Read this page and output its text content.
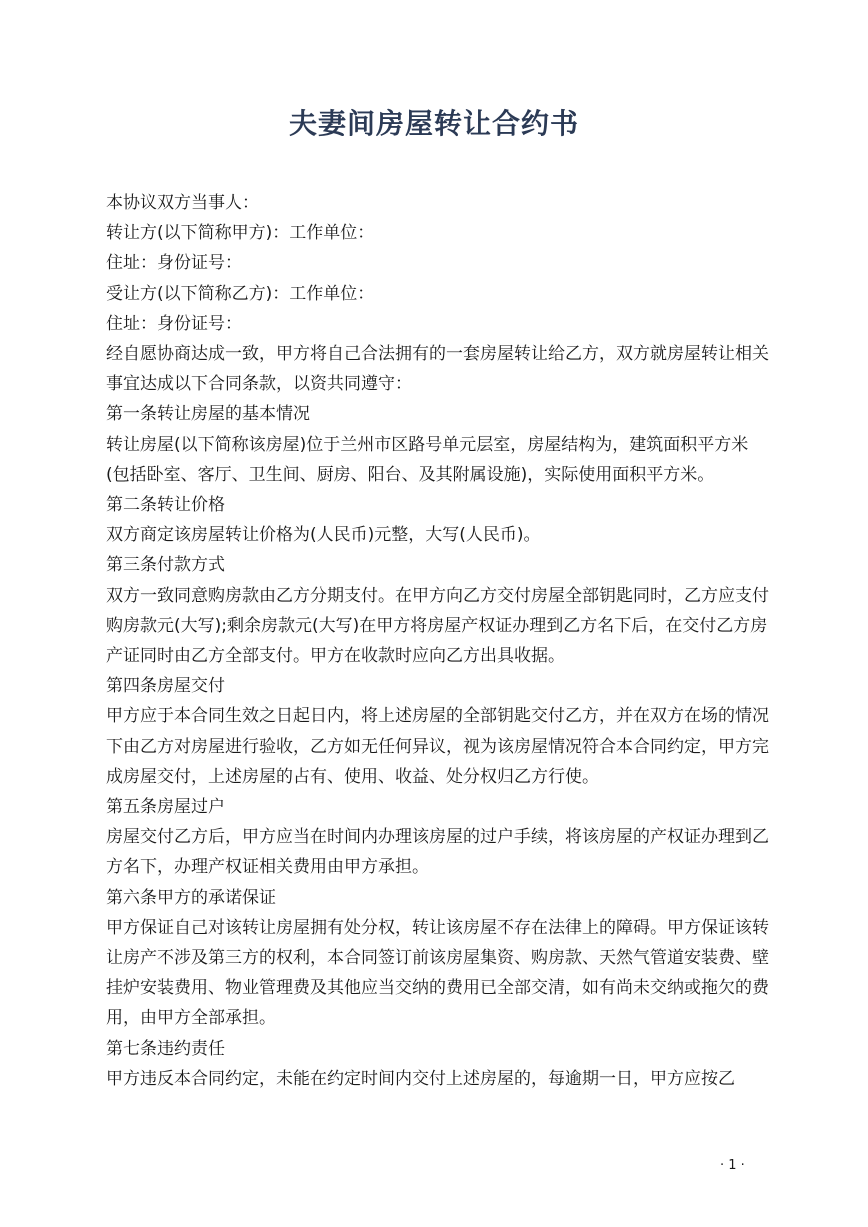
夫妻间房屋转让合约书

本协议双方当事人：

转让方(以下简称甲方)：工作单位：

住址：身份证号：

受让方(以下简称乙方)：工作单位：

住址：身份证号：

经自愿协商达成一致，甲方将自己合法拥有的一套房屋转让给乙方，双方就房屋转让相关事宜达成以下合同条款，以资共同遵守：

第一条转让房屋的基本情况

转让房屋(以下简称该房屋)位于兰州市区路号单元层室，房屋结构为，建筑面积平方米(包括卧室、客厅、卫生间、厨房、阳台、及其附属设施)，实际使用面积平方米。

第二条转让价格

双方商定该房屋转让价格为(人民币)元整，大写(人民币)。

第三条付款方式

双方一致同意购房款由乙方分期支付。在甲方向乙方交付房屋全部钥匙同时，乙方应支付购房款元(大写);剩余房款元(大写)在甲方将房屋产权证办理到乙方名下后，在交付乙方房产证同时由乙方全部支付。甲方在收款时应向乙方出具收据。

第四条房屋交付

甲方应于本合同生效之日起日内，将上述房屋的全部钥匙交付乙方，并在双方在场的情况下由乙方对房屋进行验收，乙方如无任何异议，视为该房屋情况符合本合同约定，甲方完成房屋交付，上述房屋的占有、使用、收益、处分权归乙方行使。

第五条房屋过户

房屋交付乙方后，甲方应当在时间内办理该房屋的过户手续，将该房屋的产权证办理到乙方名下，办理产权证相关费用由甲方承担。

第六条甲方的承诺保证

甲方保证自己对该转让房屋拥有处分权，转让该房屋不存在法律上的障碍。甲方保证该转让房产不涉及第三方的权利，本合同签订前该房屋集资、购房款、天然气管道安装费、壁挂炉安装费用、物业管理费及其他应当交纳的费用已全部交清，如有尚未交纳或拖欠的费用，由甲方全部承担。

第七条违约责任

甲方违反本合同约定，未能在约定时间内交付上述房屋的，每逾期一日，甲方应按乙

· 1 ·
